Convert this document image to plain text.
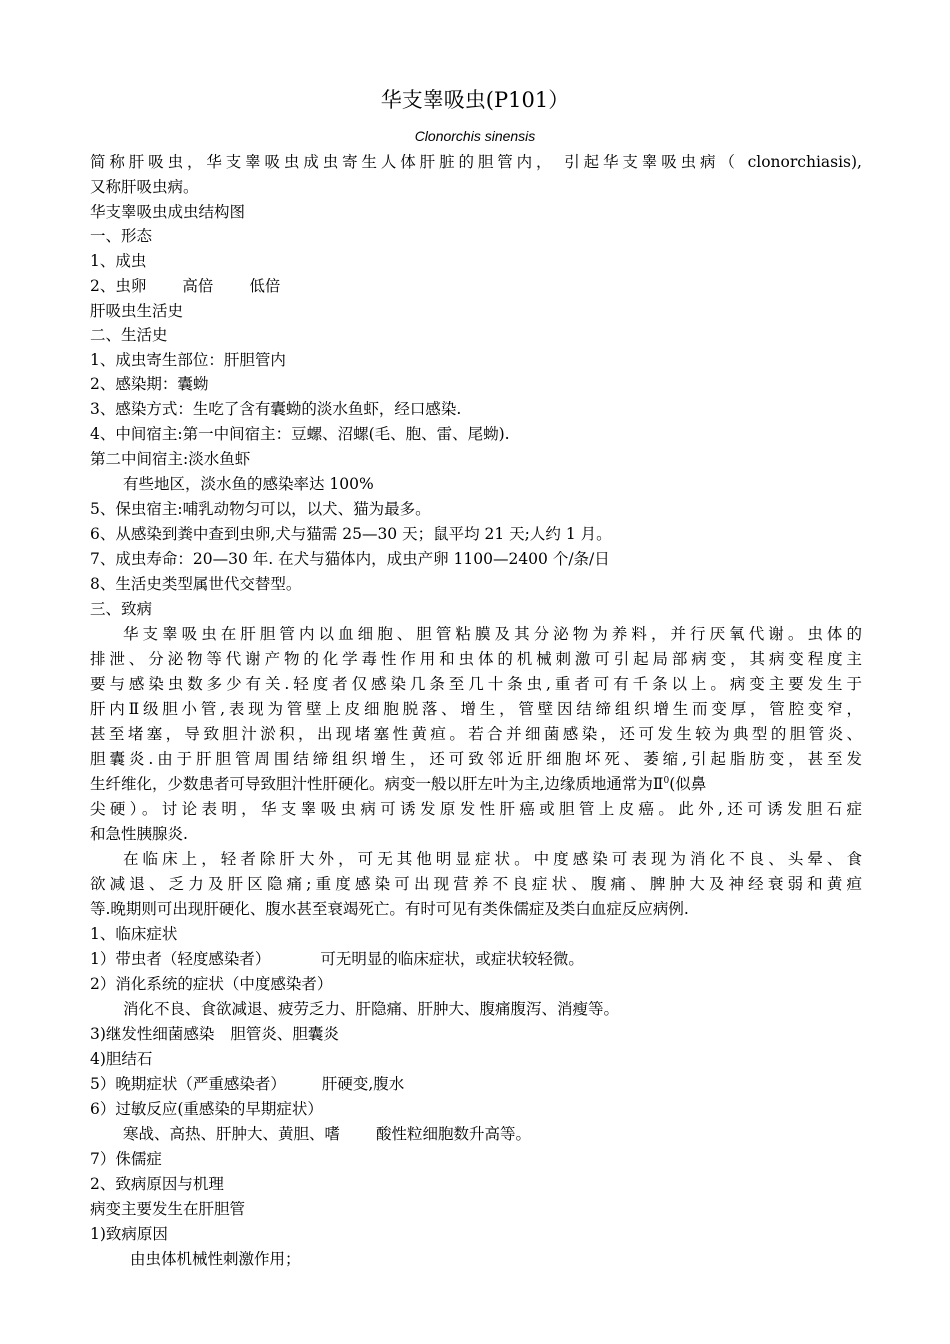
华支睾吸虫(P101）
Clonorchis sinensis
简称肝吸虫，华支睾吸虫成虫寄生人体肝脏的胆管内， 引起华支睾吸虫病（ clonorchiasis),
又称肝吸虫病。
华支睾吸虫成虫结构图
一、形态
1、成虫
2、虫卵 高倍 低倍
肝吸虫生活史
二、生活史
1、成虫寄生部位：肝胆管内
2、感染期：囊蚴
3、感染方式：生吃了含有囊蚴的淡水鱼虾，经口感染.
4、中间宿主:第一中间宿主：豆螺、沼螺(毛、胞、雷、尾蚴).
第二中间宿主:淡水鱼虾
有些地区，淡水鱼的感染率达 100%
5、保虫宿主:哺乳动物匀可以，以犬、猫为最多。
6、从感染到粪中查到虫卵,犬与猫需 25—30 天；鼠平均 21 天;人约 1 月。
7、成虫寿命：20—30 年. 在犬与猫体内，成虫产卵 1100—2400 个/条/日
8、生活史类型属世代交替型。
三、致病
华支睾吸虫在肝胆管内以血细胞、胆管粘膜及其分泌物为养料，并行厌氧代谢。虫体的
排泄、分泌物等代谢产物的化学毒性作用和虫体的机械刺激可引起局部病变，其病变程度主
要与感染虫数多少有关.轻度者仅感染几条至几十条虫,重者可有千条以上。病变主要发生于
肝内Ⅱ级胆小管,表现为管壁上皮细胞脱落、增生，管壁因结缔组织增生而变厚，管腔变窄，
甚至堵塞，导致胆汁淤积，出现堵塞性黄疸。若合并细菌感染，还可发生较为典型的胆管炎、
胆囊炎.由于肝胆管周围结缔组织增生，还可致邻近肝细胞坏死、萎缩,引起脂肪变，甚至发
生纤维化，少数患者可导致胆汁性肝硬化。病变一般以肝左叶为主,边缘质地通常为Ⅱ$^0$(似鼻
尖硬）。讨论表明，华支睾吸虫病可诱发原发性肝癌或胆管上皮癌。此外,还可诱发胆石症
和急性胰腺炎.
在临床上，轻者除肝大外，可无其他明显症状。中度感染可表现为消化不良、头晕、食
欲减退、乏力及肝区隐痛;重度感染可出现营养不良症状、腹痛、脾肿大及神经衰弱和黄疸
等.晚期则可出现肝硬化、腹水甚至衰竭死亡。有时可见有类侏儒症及类白血症反应病例.
1、临床症状
1）带虫者（轻度感染者）	可无明显的临床症状，或症状较轻微。
2）消化系统的症状（中度感染者）
消化不良、食欲减退、疲劳乏力、肝隐痛、肝肿大、腹痛腹泻、消瘦等。
3)继发性细菌感染 胆管炎、胆囊炎
4)胆结石
5）晚期症状（严重感染者） 肝硬变,腹水
6）过敏反应(重感染的早期症状）
寒战、高热、肝肿大、黄胆、嗜 酸性粒细胞数升高等。
7）侏儒症
2、致病原因与机理
病变主要发生在肝胆管
1)致病原因
由虫体机械性刺激作用；
